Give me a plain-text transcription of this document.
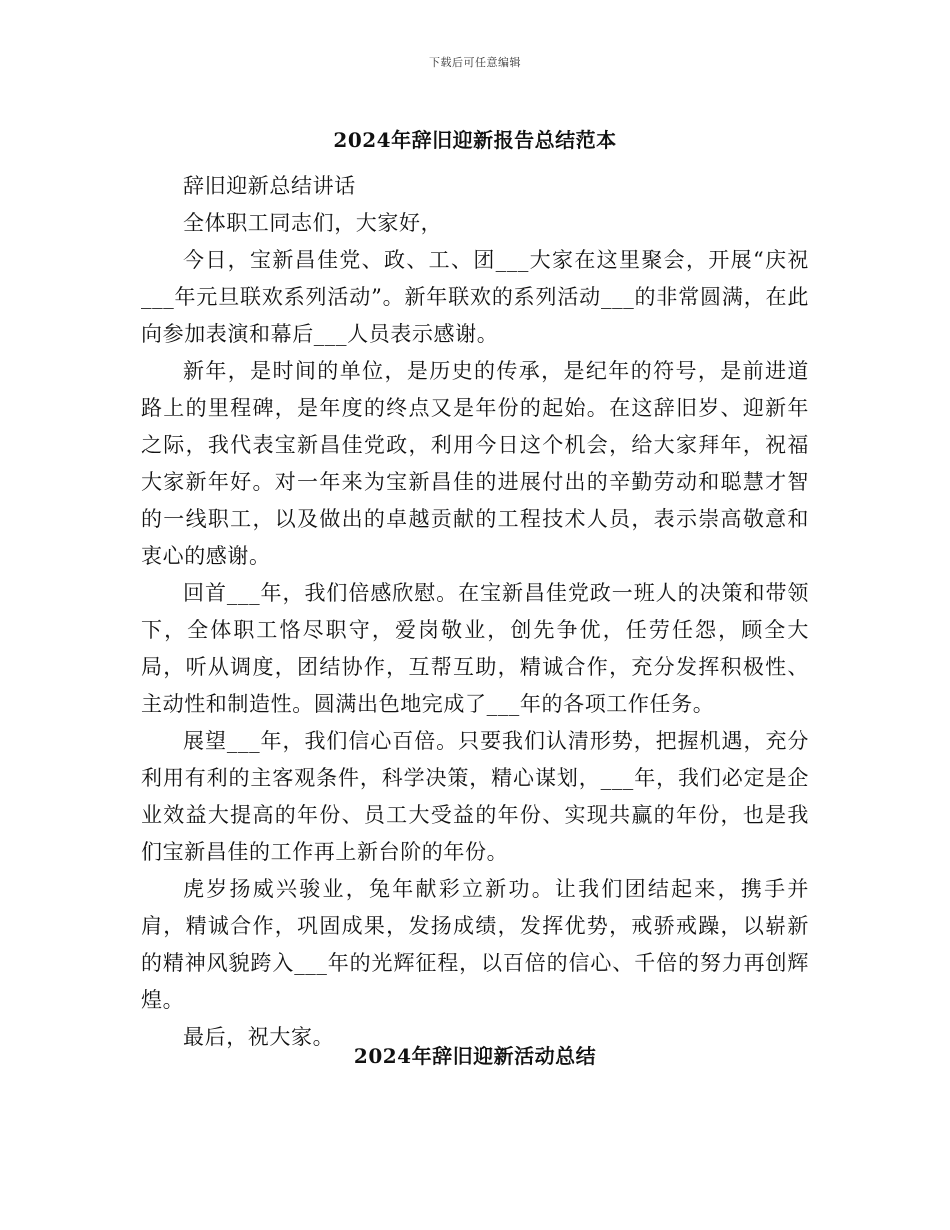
下载后可任意编辑
2024年辞旧迎新报告总结范本

辞旧迎新总结讲话

全体职工同志们，大家好，

今日，宝新昌佳党、政、工、团___大家在这里聚会，开展“庆祝___年元旦联欢系列活动”。新年联欢的系列活动___的非常圆满，在此向参加表演和幕后___人员表示感谢。

新年，是时间的单位，是历史的传承，是纪年的符号，是前进道路上的里程碑，是年度的终点又是年份的起始。在这辞旧岁、迎新年之际，我代表宝新昌佳党政，利用今日这个机会，给大家拜年，祝福大家新年好。对一年来为宝新昌佳的进展付出的辛勤劳动和聪慧才智的一线职工，以及做出的卓越贡献的工程技术人员，表示崇高敬意和衷心的感谢。

回首___年，我们倍感欣慰。在宝新昌佳党政一班人的决策和带领下，全体职工恪尽职守，爱岗敬业，创先争优，任劳任怨，顾全大局，听从调度，团结协作，互帮互助，精诚合作，充分发挥积极性、主动性和制造性。圆满出色地完成了___年的各项工作任务。

展望___年，我们信心百倍。只要我们认清形势，把握机遇，充分利用有利的主客观条件，科学决策，精心谋划，___年，我们必定是企业效益大提高的年份、员工大受益的年份、实现共赢的年份，也是我们宝新昌佳的工作再上新台阶的年份。

虎岁扬威兴骏业，兔年献彩立新功。让我们团结起来，携手并肩，精诚合作，巩固成果，发扬成绩，发挥优势，戒骄戒躁，以崭新的精神风貌跨入___年的光辉征程，以百倍的信心、千倍的努力再创辉煌。

最后，祝大家。

2024年辞旧迎新活动总结
